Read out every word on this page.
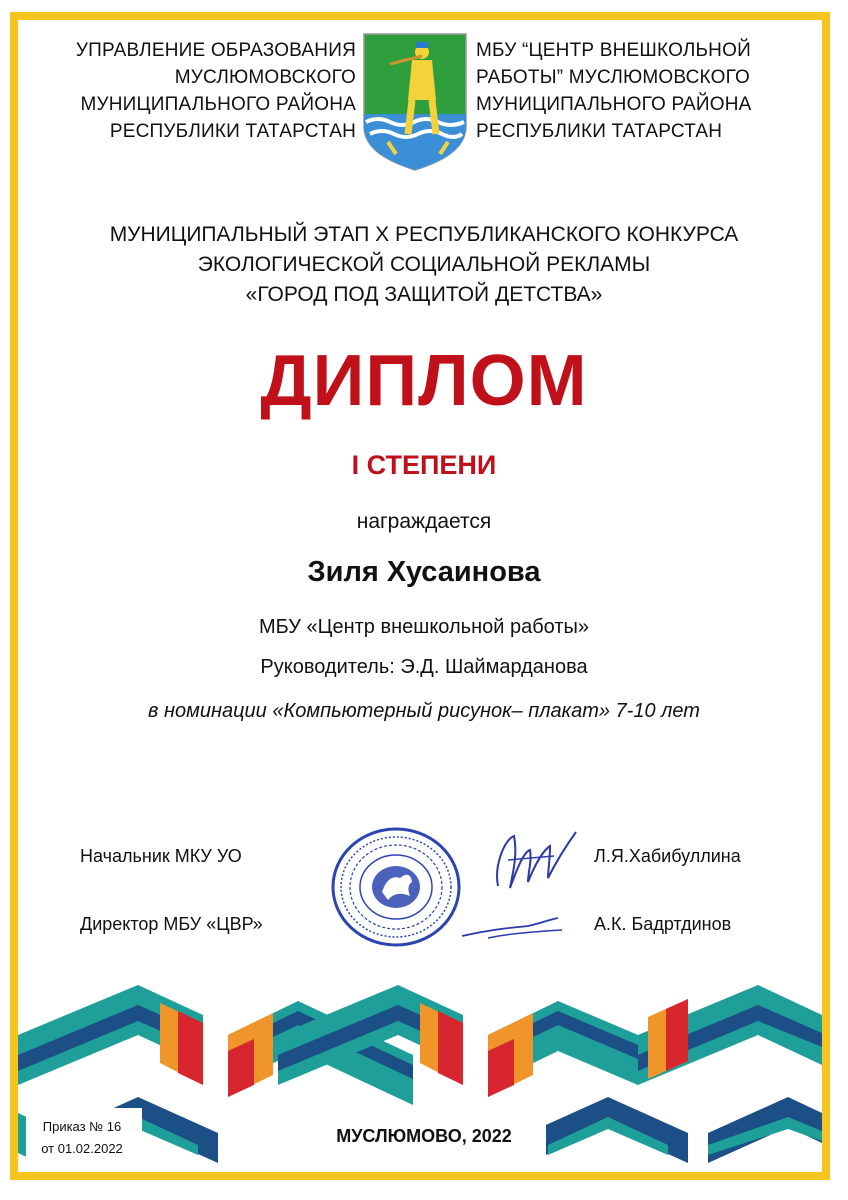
УПРАВЛЕНИЕ ОБРАЗОВАНИЯ
МУСЛЮМОВСКОГО
МУНИЦИПАЛЬНОГО РАЙОНА
РЕСПУБЛИКИ ТАТАРСТАН
МБУ “ЦЕНТР ВНЕШКОЛЬНОЙ
РАБОТЫ” МУСЛЮМОВСКОГО
МУНИЦИПАЛЬНОГО РАЙОНА
РЕСПУБЛИКИ ТАТАРСТАН
МУНИЦИПАЛЬНЫЙ ЭТАП X РЕСПУБЛИКАНСКОГО КОНКУРСА
ЭКОЛОГИЧЕСКОЙ СОЦИАЛЬНОЙ РЕКЛАМЫ
«ГОРОД ПОД ЗАЩИТОЙ ДЕТСТВА»
ДИПЛОМ
I СТЕПЕНИ
награждается
Зиля Хусаинова
МБУ «Центр внешкольной работы»
Руководитель: Э.Д. Шаймарданова
в номинации «Компьютерный рисунок– плакат» 7-10 лет
Начальник МКУ УО	Л.Я.Хабибуллина
Директор МБУ «ЦВР»	А.К. Бадртдинов
Приказ № 16
от 01.02.2022
МУСЛЮМОВО, 2022
